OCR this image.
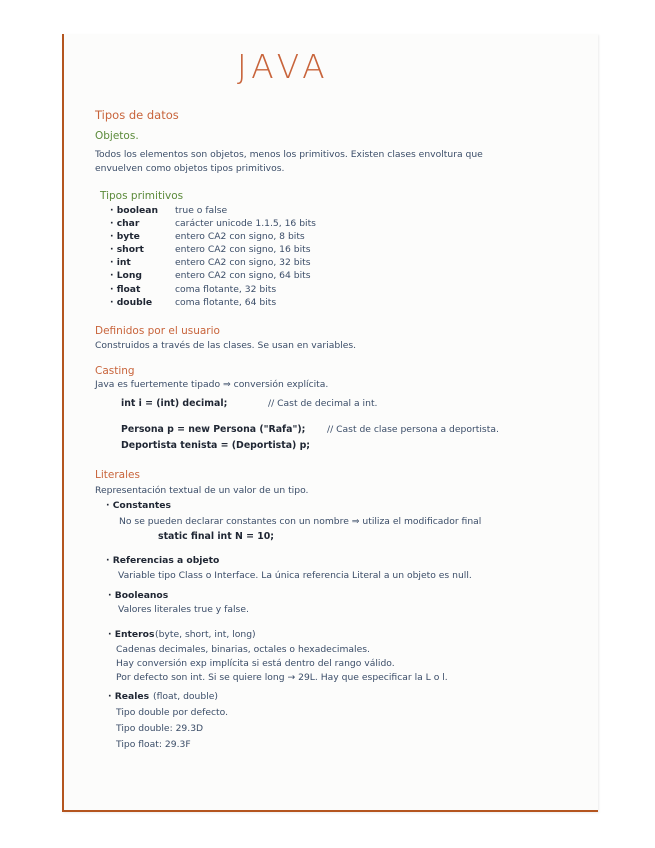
JAVA
Tipos de datos
Objetos.
Todos los elementos son objetos, menos los primitivos. Existen clases envoltura que
envuelven como objetos tipos primitivos.
Tipos primitivos
· boolean true o false
· char	carácter unicode 1.1.5, 16 bits
· byte	entero CA2 con signo, 8 bits
· short	entero CA2 con signo, 16 bits
· int	entero CA2 con signo, 32 bits
· Long	entero CA2 con signo, 64 bits
· float	coma flotante, 32 bits
· double coma flotante, 64 bits
Definidos por el usuario
Construidos a través de las clases. Se usan en variables.
Casting
Java es fuertemente tipado ⇒ conversión explícita.
int i = (int) decimal;	// Cast de decimal a int.
Persona p = new Persona ("Rafa"); // Cast de clase persona a deportista.
Deportista tenista = (Deportista) p;
Literales
Representación textual de un valor de un tipo.
· Constantes
No se pueden declarar constantes con un nombre ⇒ utiliza el modificador final
static final int N = 10;
· Referencias a objeto
Variable tipo Class o Interface. La única referencia Literal a un objeto es null.
· Booleanos
Valores literales true y false.
· Enteros (byte, short, int, long)
Cadenas decimales, binarias, octales o hexadecimales.
Hay conversión exp implícita si está dentro del rango válido.
Por defecto son int. Si se quiere long → 29L. Hay que especificar la L o l.
· Reales (float, double)
Tipo double por defecto.
Tipo double: 29.3D
Tipo float: 29.3F
